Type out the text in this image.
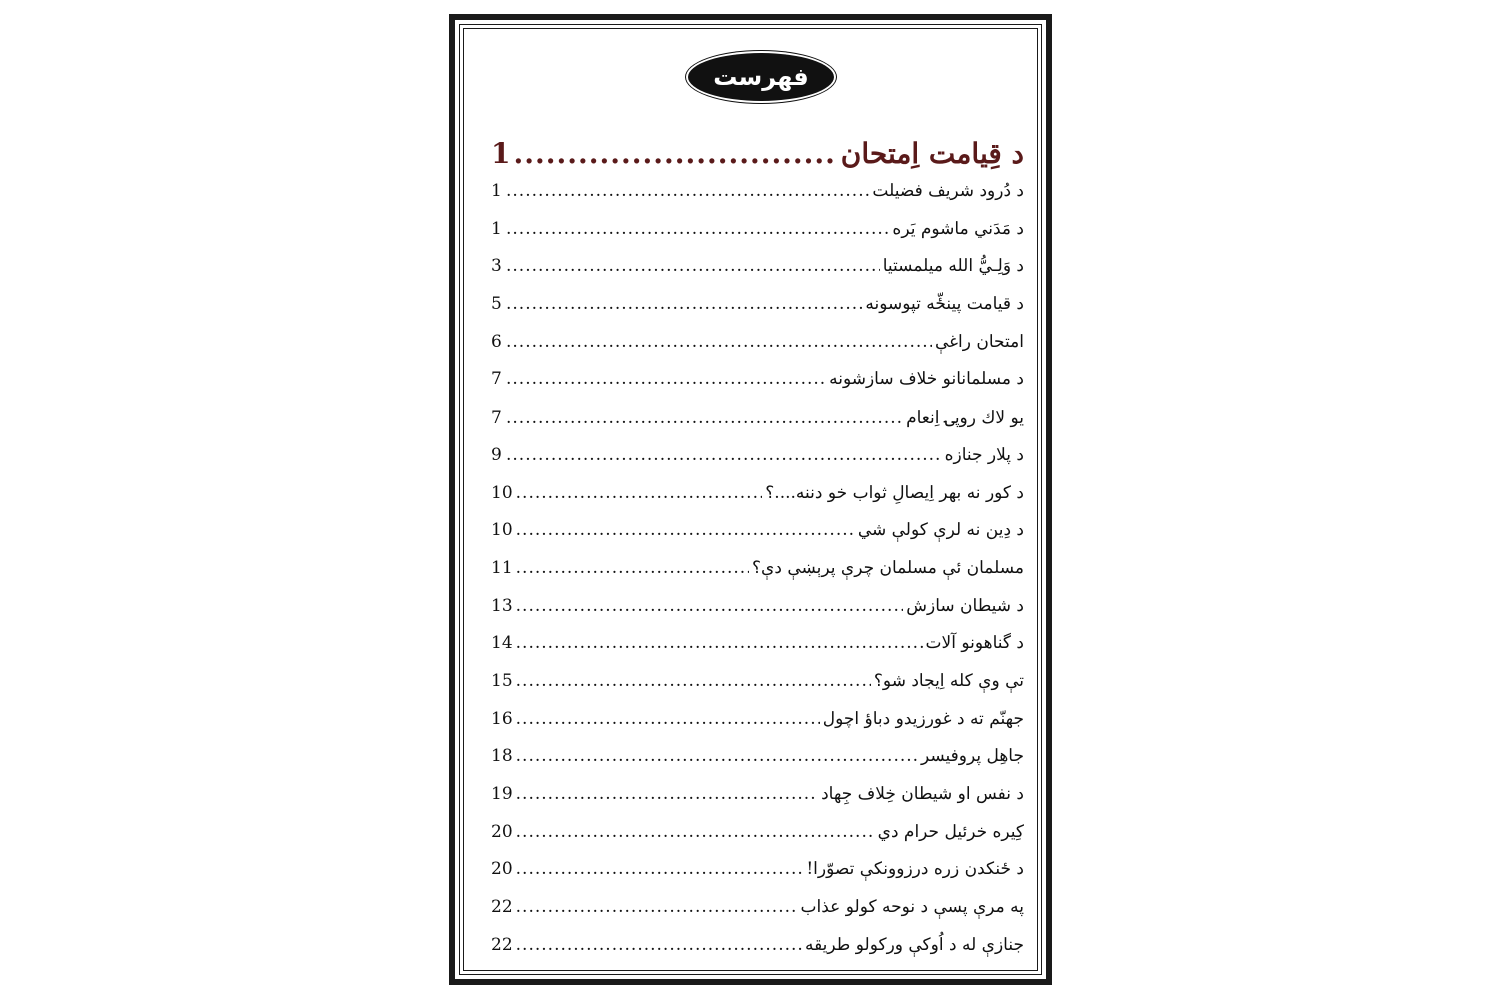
فهرست
د قِيامت اِمتحان
.....
1
د دُرود شریف فضیلت
.....
1
د مَدَني ماشوم يَره
.....
1
د وَلِـيُّ الله ميلمستيا
.....
3
د قيامت پينځّه تپوسونه
.....
5
امتحان راغې
.....
6
د مسلمانانو خلاف سازشونه
.....
7
يو لاك روپۍ اِنعام
.....
7
د پلار جنازه
.....
9
د كور نه بهر اِيصالِ ثواب خو دننه....؟
.....
10
د دِين نه لرې كولې شي
.....
10
مسلمان ئې مسلمان چرې پرېښې دې؟
.....
11
د شيطان سازش
.....
13
د گناهونو آلات
.....
14
تې وې كله اِيجاد شو؟
.....
15
جهنّم ته د غورزيدو دباؤ اچول
.....
16
جاهِل پروفيسر
.....
18
د نفس او شيطان خِلاف جِهاد
.....
19
كِيره خرئيل حرام دي
.....
20
د ځنكدن زره درزوونكې تصوّرا!
.....
20
په مرې پسې د نوحه كولو عذاب
.....
22
جنازې له د اُوكې وركولو طريقه
.....
22
